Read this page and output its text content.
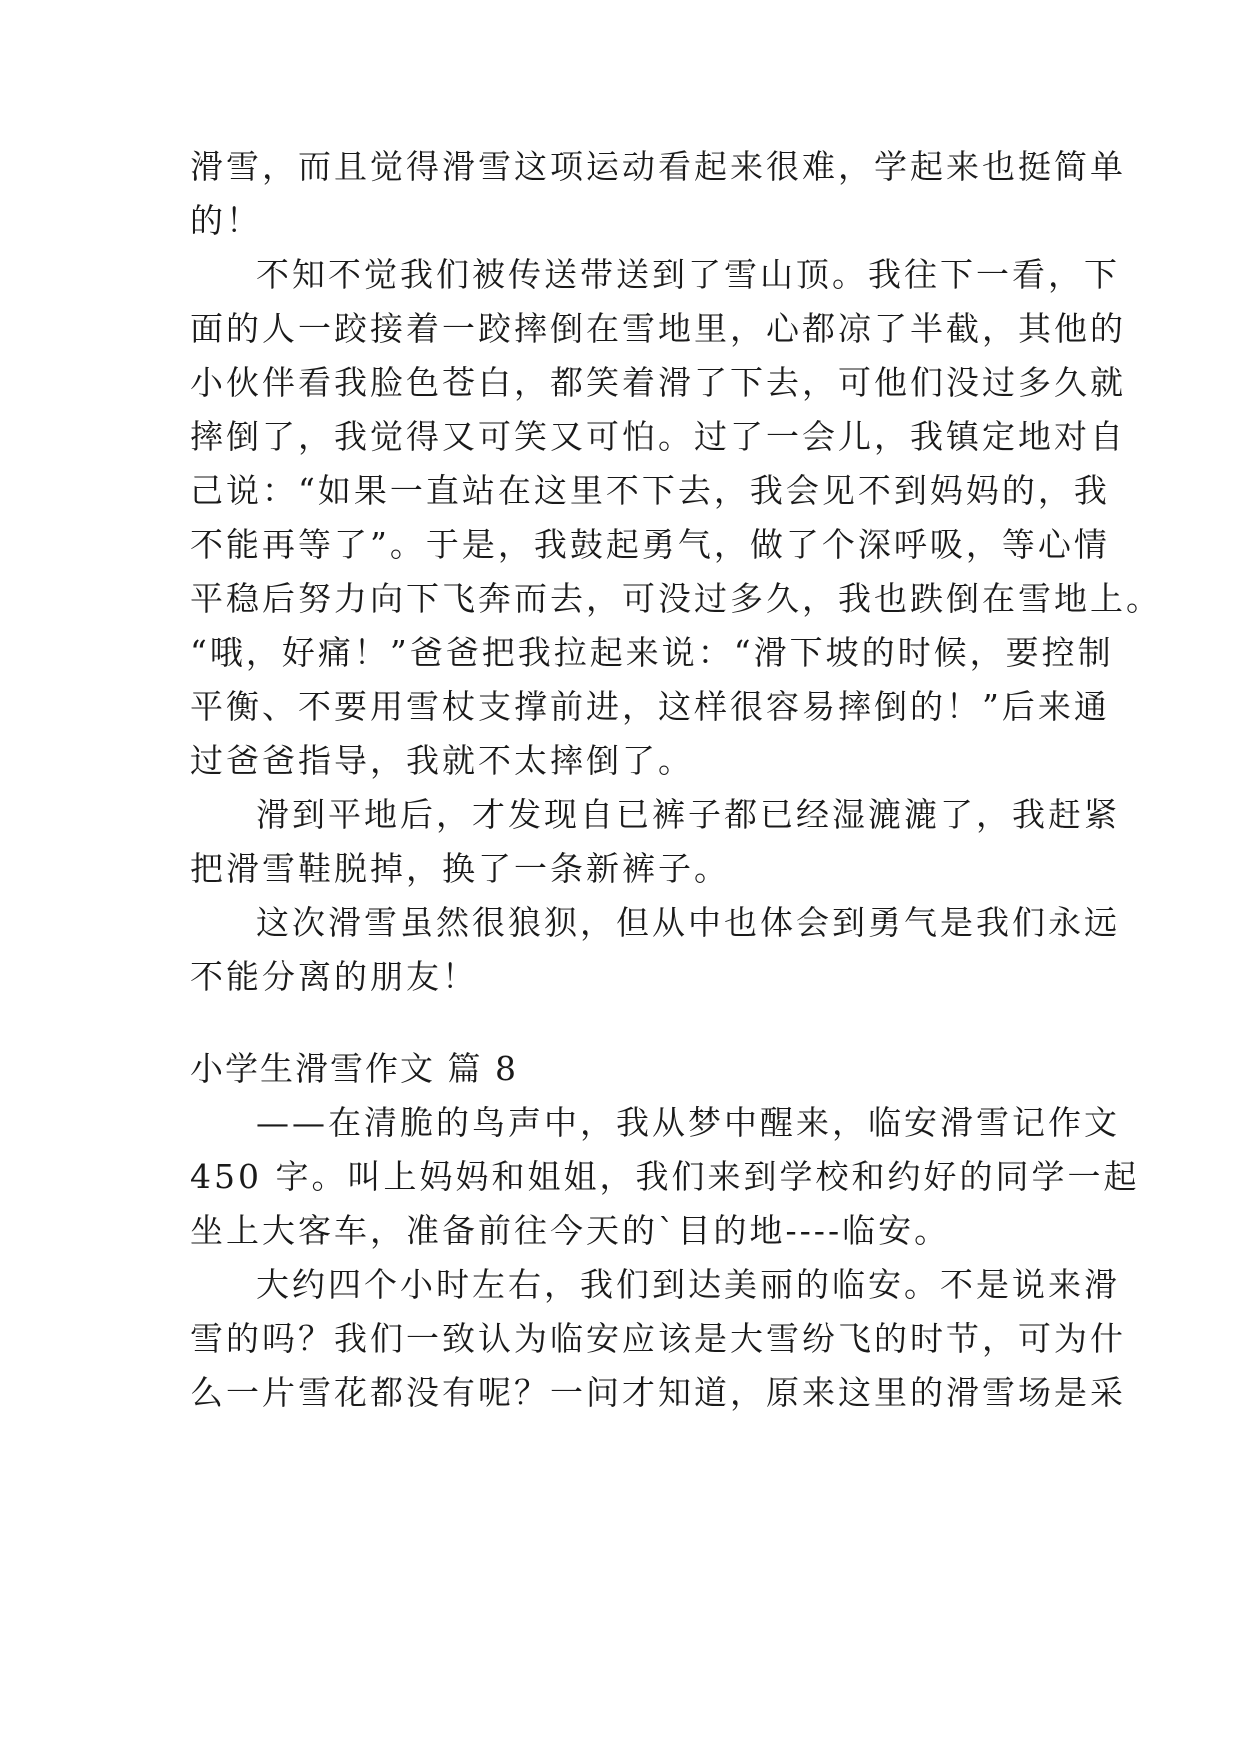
滑雪，而且觉得滑雪这项运动看起来很难，学起来也挺简单
的！
不知不觉我们被传送带送到了雪山顶。我往下一看，下
面的人一跤接着一跤摔倒在雪地里，心都凉了半截，其他的
小伙伴看我脸色苍白，都笑着滑了下去，可他们没过多久就
摔倒了，我觉得又可笑又可怕。过了一会儿，我镇定地对自
己说：“如果一直站在这里不下去，我会见不到妈妈的，我
不能再等了”。于是，我鼓起勇气，做了个深呼吸，等心情
平稳后努力向下飞奔而去，可没过多久，我也跌倒在雪地上。
“哦，好痛！”爸爸把我拉起来说：“滑下坡的时候，要控制
平衡、不要用雪杖支撑前进，这样很容易摔倒的！”后来通
过爸爸指导，我就不太摔倒了。
滑到平地后，才发现自已裤子都已经湿漉漉了，我赶紧
把滑雪鞋脱掉，换了一条新裤子。
这次滑雪虽然很狼狈，但从中也体会到勇气是我们永远
不能分离的朋友！
小学生滑雪作文 篇 8
——在清脆的鸟声中，我从梦中醒来，临安滑雪记作文
450 字。叫上妈妈和姐姐，我们来到学校和约好的同学一起
坐上大客车，准备前往今天的`目的地----临安。
大约四个小时左右，我们到达美丽的临安。不是说来滑
雪的吗？我们一致认为临安应该是大雪纷飞的时节，可为什
么一片雪花都没有呢？一问才知道，原来这里的滑雪场是采
